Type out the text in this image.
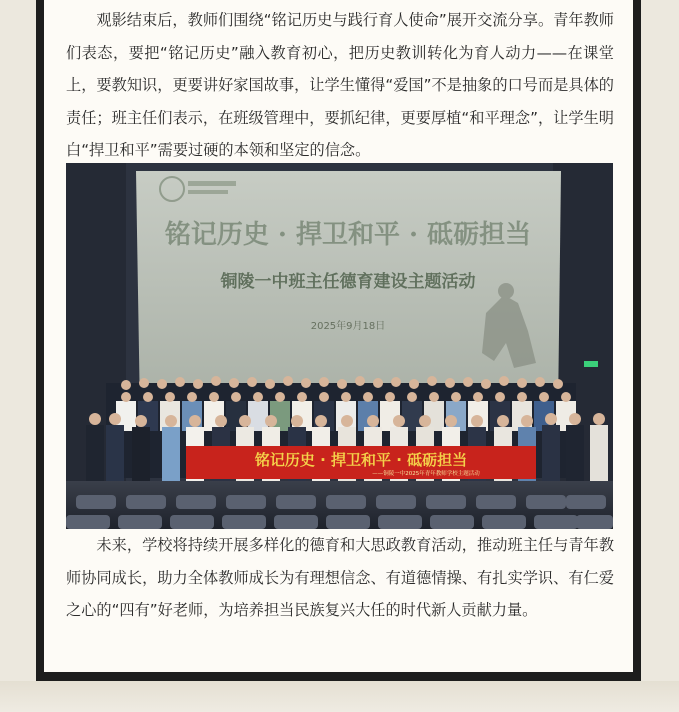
观影结束后，教师们围绕“铭记历史与践行育人使命”展开交流分享。青年教师们表态，要把“铭记历史”融入教育初心，把历史教训转化为育人动力——在课堂上，要教知识，更要讲好家国故事，让学生懂得“爱国”不是抽象的口号而是具体的责任；班主任们表示，在班级管理中，要抓纪律，更要厚植“和平理念”，让学生明白“捍卫和平”需要过硬的本领和坚定的信念。

铭记历史 · 捍卫和平 · 砥砺担当
铜陵一中班主任德育建设主题活动
2025年9月18日
铭记历史 · 捍卫和平 · 砥砺担当
——铜陵一中2025年青年教师学校主题活动

未来，学校将持续开展多样化的德育和大思政教育活动，推动班主任与青年教师协同成长，助力全体教师成长为有理想信念、有道德情操、有扎实学识、有仁爱之心的“四有”好老师，为培养担当民族复兴大任的时代新人贡献力量。
